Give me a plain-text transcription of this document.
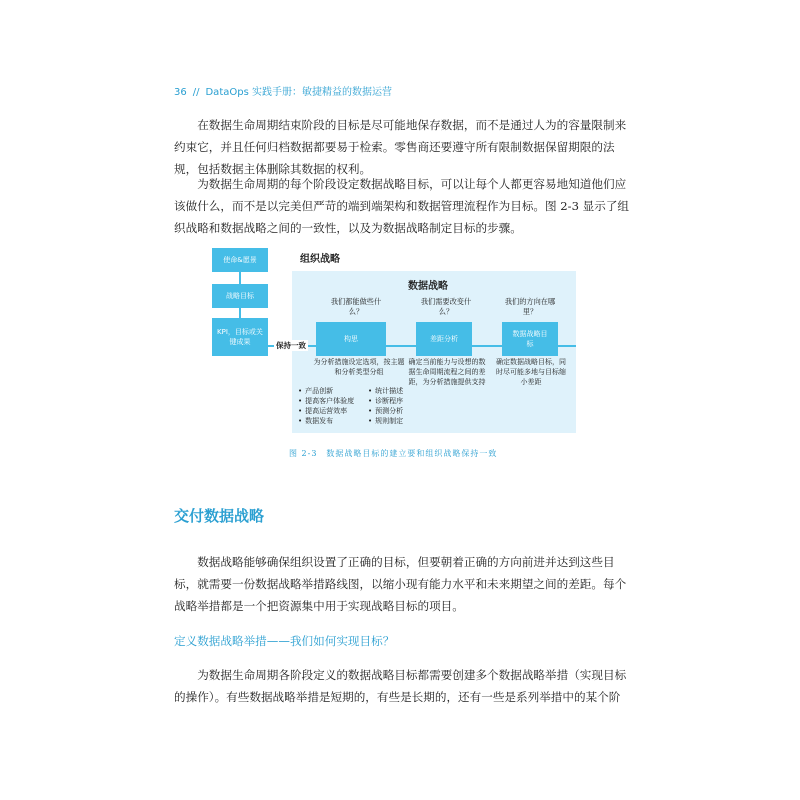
36 // DataOps 实践手册：敏捷精益的数据运营

在数据生命周期结束阶段的目标是尽可能地保存数据，而不是通过人为的容量限制来约束它，并且任何归档数据都要易于检索。零售商还要遵守所有限制数据保留期限的法规，包括数据主体删除其数据的权利。

为数据生命周期的每个阶段设定数据战略目标，可以让每个人都更容易地知道他们应该做什么，而不是以完美但严苛的端到端架构和数据管理流程作为目标。图 2-3 显示了组织战略和数据战略之间的一致性，以及为数据战略制定目标的步骤。

使命&愿景
战略目标
KPI，目标或关键成果
组织战略
数据战略
保持一致
我们都能做些什么？
我们需要改变什么？
我们的方向在哪里？
构思	差距分析
数据战略目标
为分析措施设定选项，按主题和分析类型分组
确定当前能力与设想的数据生命周期流程之间的差距，为分析措施提供支持
确定数据战略目标，同时尽可能多地与目标缩小差距
• 产品创新
• 提高客户体验度
• 提高运营效率
• 数据发布
• 统计描述
• 诊断程序
• 预测分析
• 规则制定
图 2-3　数据战略目标的建立要和组织战略保持一致
交付数据战略

数据战略能够确保组织设置了正确的目标，但要朝着正确的方向前进并达到这些目标，就需要一份数据战略举措路线图，以缩小现有能力水平和未来期望之间的差距。每个战略举措都是一个把资源集中用于实现战略目标的项目。

定义数据战略举措——我们如何实现目标？

为数据生命周期各阶段定义的数据战略目标都需要创建多个数据战略举措（实现目标的操作）。有些数据战略举措是短期的，有些是长期的，还有一些是系列举措中的某个阶
